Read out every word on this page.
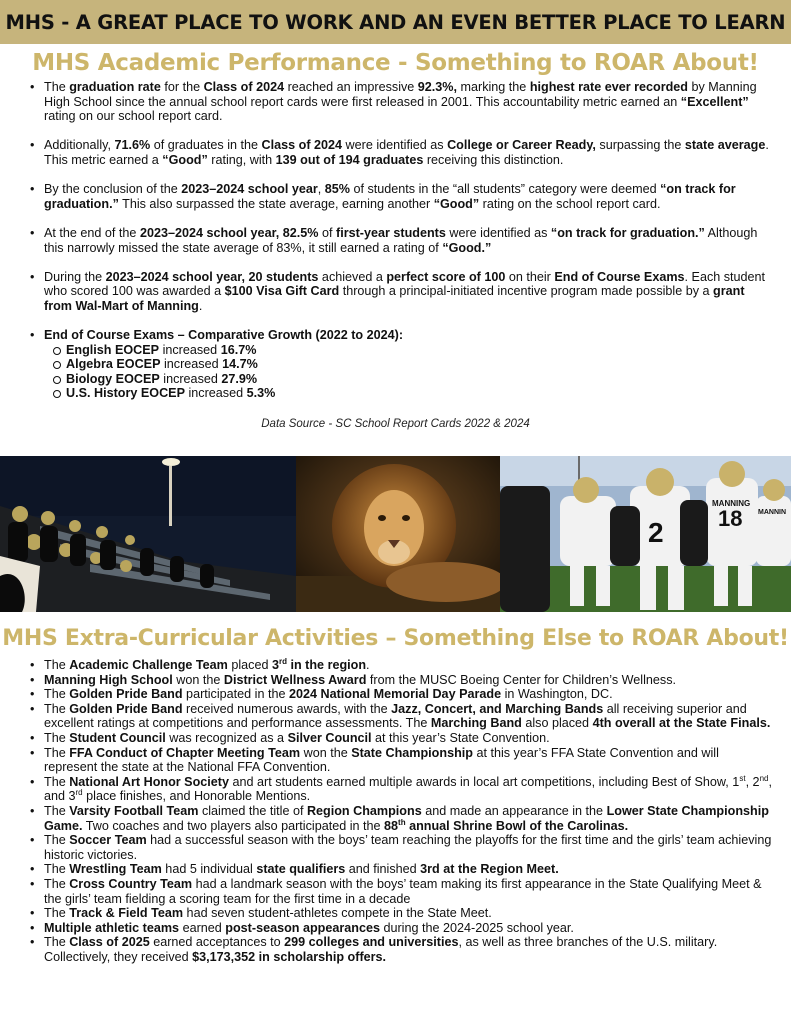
MHS - A GREAT PLACE TO WORK AND AN EVEN BETTER PLACE TO LEARN
MHS Academic Performance - Something to ROAR About!
• The graduation rate for the Class of 2024 reached an impressive 92.3%, marking the highest rate ever recorded by Manning High School since the annual school report cards were first released in 2001. This accountability metric earned an “Excellent” rating on our school report card.
• Additionally, 71.6% of graduates in the Class of 2024 were identified as College or Career Ready, surpassing the state average. This metric earned a “Good” rating, with 139 out of 194 graduates receiving this distinction.
• By the conclusion of the 2023–2024 school year, 85% of students in the “all students” category were deemed “on track for graduation.” This also surpassed the state average, earning another “Good” rating on the school report card.
• At the end of the 2023–2024 school year, 82.5% of first-year students were identified as “on track for graduation.” Although this narrowly missed the state average of 83%, it still earned a rating of “Good.”
• During the 2023–2024 school year, 20 students achieved a perfect score of 100 on their End of Course Exams. Each student who scored 100 was awarded a $100 Visa Gift Card through a principal-initiated incentive program made possible by a grant from Wal-Mart of Manning.
• End of Course Exams – Comparative Growth (2022 to 2024):
English EOCEP increased 16.7%
Algebra EOCEP increased 14.7%
Biology EOCEP increased 27.9%
U.S. History EOCEP increased 5.3%
Data Source - SC School Report Cards 2022 & 2024
2 18
MANNING
MANNIN
MHS Extra-Curricular Activities – Something Else to ROAR About!
• The Academic Challenge Team placed 3rd in the region.
• Manning High School won the District Wellness Award from the MUSC Boeing Center for Children’s Wellness.
• The Golden Pride Band participated in the 2024 National Memorial Day Parade in Washington, DC.
• The Golden Pride Band received numerous awards, with the Jazz, Concert, and Marching Bands all receiving superior and excellent ratings at competitions and performance assessments. The Marching Band also placed 4th overall at the State Finals.
• The Student Council was recognized as a Silver Council at this year’s State Convention.
• The FFA Conduct of Chapter Meeting Team won the State Championship at this year’s FFA State Convention and will represent the state at the National FFA Convention.
• The National Art Honor Society and art students earned multiple awards in local art competitions, including Best of Show, 1st, 2nd, and 3rd place finishes, and Honorable Mentions.
• The Varsity Football Team claimed the title of Region Champions and made an appearance in the Lower State Championship Game. Two coaches and two players also participated in the 88th annual Shrine Bowl of the Carolinas.
• The Soccer Team had a successful season with the boys’ team reaching the playoffs for the first time and the girls’ team achieving historic victories.
• The Wrestling Team had 5 individual state qualifiers and finished 3rd at the Region Meet.
• The Cross Country Team had a landmark season with the boys’ team making its first appearance in the State Qualifying Meet & the girls’ team fielding a scoring team for the first time in a decade
• The Track & Field Team had seven student-athletes compete in the State Meet.
• Multiple athletic teams earned post-season appearances during the 2024-2025 school year.
• The Class of 2025 earned acceptances to 299 colleges and universities, as well as three branches of the U.S. military. Collectively, they received $3,173,352 in scholarship offers.
